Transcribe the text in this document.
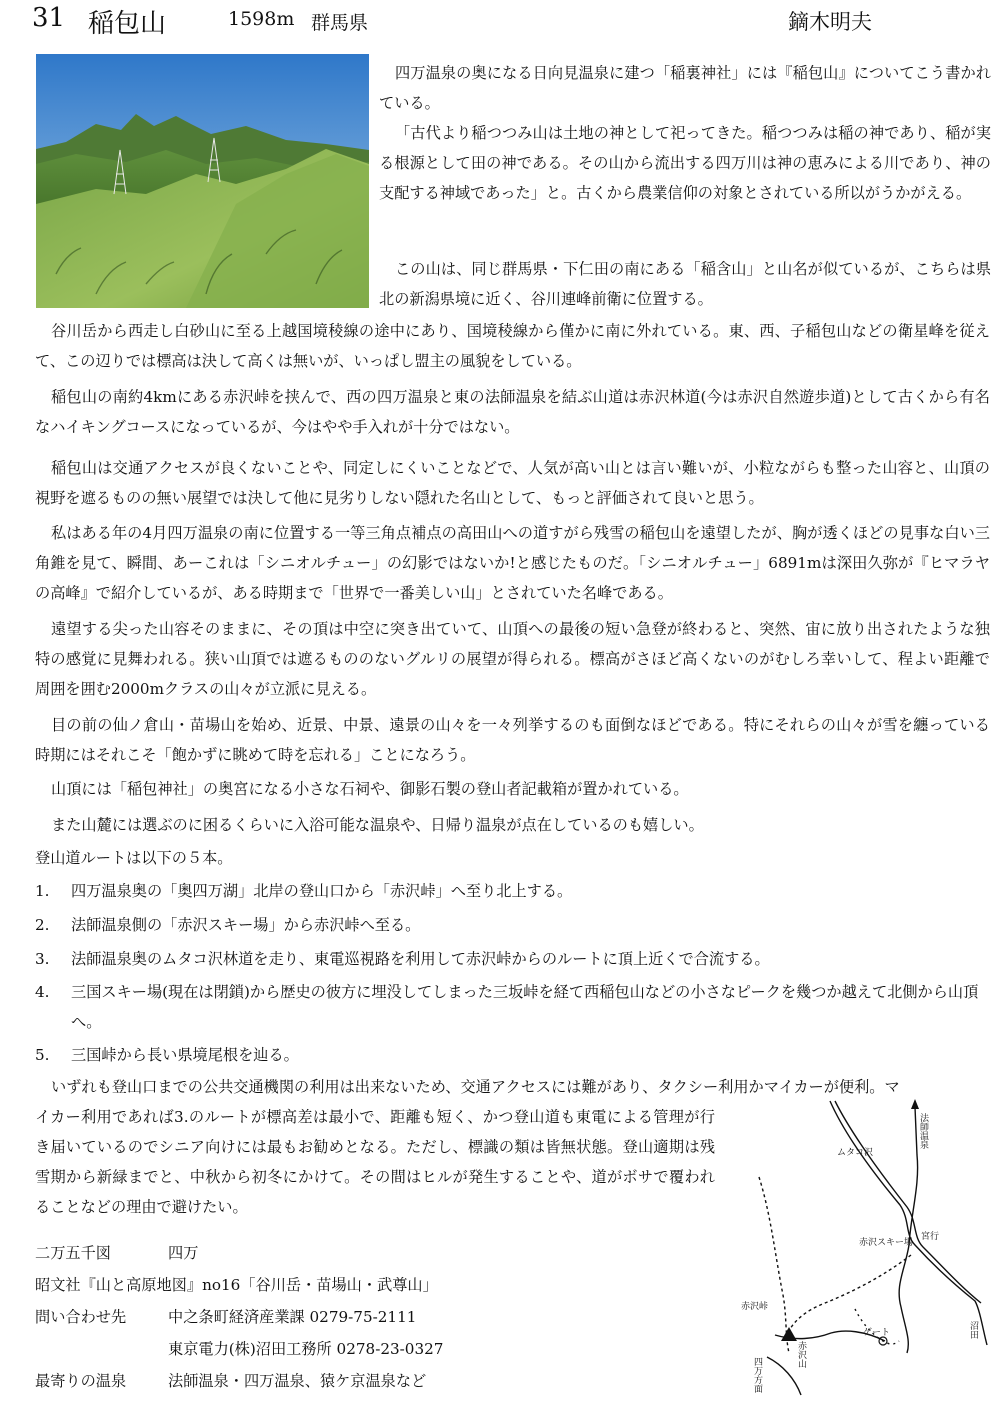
31 稲包山	1598m 群馬県	鏑木明夫

四万温泉の奥になる日向見温泉に建つ「稲裏神社」には『稲包山』についてこう書かれている。

「古代より稲つつみ山は土地の神として祀ってきた。稲つつみは稲の神であり、稲が実る根源として田の神である。その山から流出する四万川は神の恵みによる川であり、神の支配する神域であった」と。古くから農業信仰の対象とされている所以がうかがえる。

この山は、同じ群馬県・下仁田の南にある「稲含山」と山名が似ているが、こちらは県北の新潟県境に近く、谷川連峰前衛に位置する。

谷川岳から西走し白砂山に至る上越国境稜線の途中にあり、国境稜線から僅かに南に外れている。東、西、子稲包山などの衛星峰を従えて、この辺りでは標高は決して高くは無いが、いっぱし盟主の風貌をしている。

稲包山の南約4kmにある赤沢峠を挟んで、西の四万温泉と東の法師温泉を結ぶ山道は赤沢林道(今は赤沢自然遊歩道)として古くから有名なハイキングコースになっているが、今はやや手入れが十分ではない。

稲包山は交通アクセスが良くないことや、同定しにくいことなどで、人気が高い山とは言い難いが、小粒ながらも整った山容と、山頂の視野を遮るものの無い展望では決して他に見劣りしない隠れた名山として、もっと評価されて良いと思う。

私はある年の4月四万温泉の南に位置する一等三角点補点の高田山への道すがら残雪の稲包山を遠望したが、胸が透くほどの見事な白い三角錐を見て、瞬間、あーこれは「シニオルチュー」の幻影ではないか!と感じたものだ。「シニオルチュー」6891mは深田久弥が『ヒマラヤの高峰』で紹介しているが、ある時期まで「世界で一番美しい山」とされていた名峰である。

遠望する尖った山容そのままに、その頂は中空に突き出ていて、山頂への最後の短い急登が終わると、突然、宙に放り出されたような独特の感覚に見舞われる。狭い山頂では遮るもののないグルリの展望が得られる。標高がさほど高くないのがむしろ幸いして、程よい距離で周囲を囲む2000mクラスの山々が立派に見える。

目の前の仙ノ倉山・苗場山を始め、近景、中景、遠景の山々を一々列挙するのも面倒なほどである。特にそれらの山々が雪を纏っている時期にはそれこそ「飽かずに眺めて時を忘れる」ことになろう。

山頂には「稲包神社」の奥宮になる小さな石祠や、御影石製の登山者記載箱が置かれている。

また山麓には選ぶのに困るくらいに入浴可能な温泉や、日帰り温泉が点在しているのも嬉しい。

登山道ルートは以下の５本。

1. 四万温泉奥の「奥四万湖」北岸の登山口から「赤沢峠」へ至り北上する。
2. 法師温泉側の「赤沢スキー場」から赤沢峠へ至る。
3. 法師温泉奥のムタコ沢林道を走り、東電巡視路を利用して赤沢峠からのルートに頂上近くで合流する。
4. 三国スキー場(現在は閉鎖)から歴史の彼方に埋没してしまった三坂峠を経て西稲包山などの小さなピークを幾つか越えて北側から山頂へ。
5. 三国峠から長い県境尾根を辿る。

いずれも登山口までの公共交通機関の利用は出来ないため、交通アクセスには難があり、タクシー利用かマイカーが便利。マ

イカー利用であれば3.のルートが標高差は最小で、距離も短く、かつ登山道も東電による管理が行き届いているのでシニア向けには最もお勧めとなる。ただし、標識の類は皆無状態。登山適期は残雪期から新緑までと、中秋から初冬にかけて。その間はヒルが発生することや、道がボサで覆われることなどの理由で避けたい。

二万五千図	四万
昭文社『山と高原地図』no16「谷川岳・苗場山・武尊山」
問い合わせ先	中之条町経済産業課 0279-75-2111
東京電力(株)沼田工務所 0278-23-0327
最寄りの温泉	法師温泉・四万温泉、猿ケ京温泉など
法師温泉
ムタコ沢
宮行
赤沢スキー場
赤沢峠
ゲート
赤沢山
四万方面
沼田
